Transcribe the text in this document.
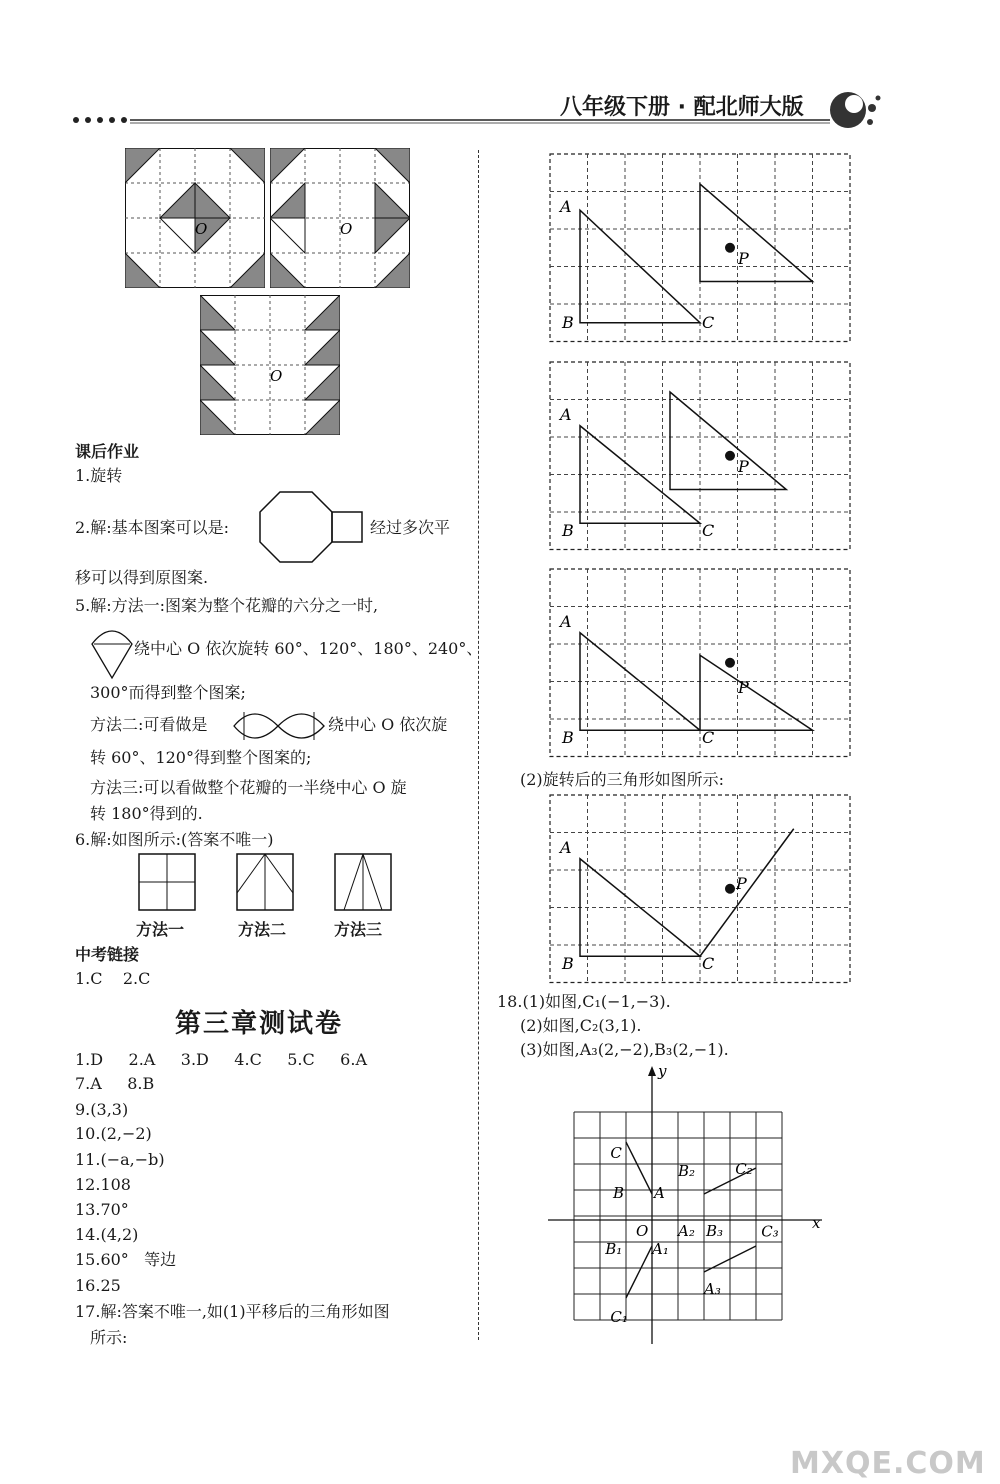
八年级下册 · 配北师大版
O	O
O
课后作业
1.旋转
2.解:基本图案可以是:	经过多次平
移可以得到原图案.
5.解:方法一:图案为整个花瓣的六分之一时,
绕中心 O 依次旋转 60°、120°、180°、240°、
300°而得到整个图案;
方法二:可看做是	绕中心 O 依次旋
转 60°、120°得到整个图案的;
方法三:可以看做整个花瓣的一半绕中心 O 旋
转 180°得到的.
6.解:如图所示:(答案不唯一)
方法一	方法二	方法三
中考链接
1.C    2.C
第三章测试卷
1.D     2.A     3.D     4.C     5.C     6.A
7.A     8.B
9.(3,3)
10.(2,−2)
11.(−a,−b)
12.108
13.70°
14.(4,2)
15.60°   等边
16.25
17.解:答案不唯一,如(1)平移后的三角形如图
所示:
A
B	C
P
A
B	C
P
A
B	C
P
(2)旋转后的三角形如图所示:
A
B	C
P
18.(1)如图,C₁(−1,−3).
(2)如图,C₂(3,1).
(3)如图,A₃(2,−2),B₃(2,−1).
x
y
O
C
A
B
B₂	C₂
A₂ B₃	C₃
B₁ A₁
A₃
C₁
MXQE.COM
